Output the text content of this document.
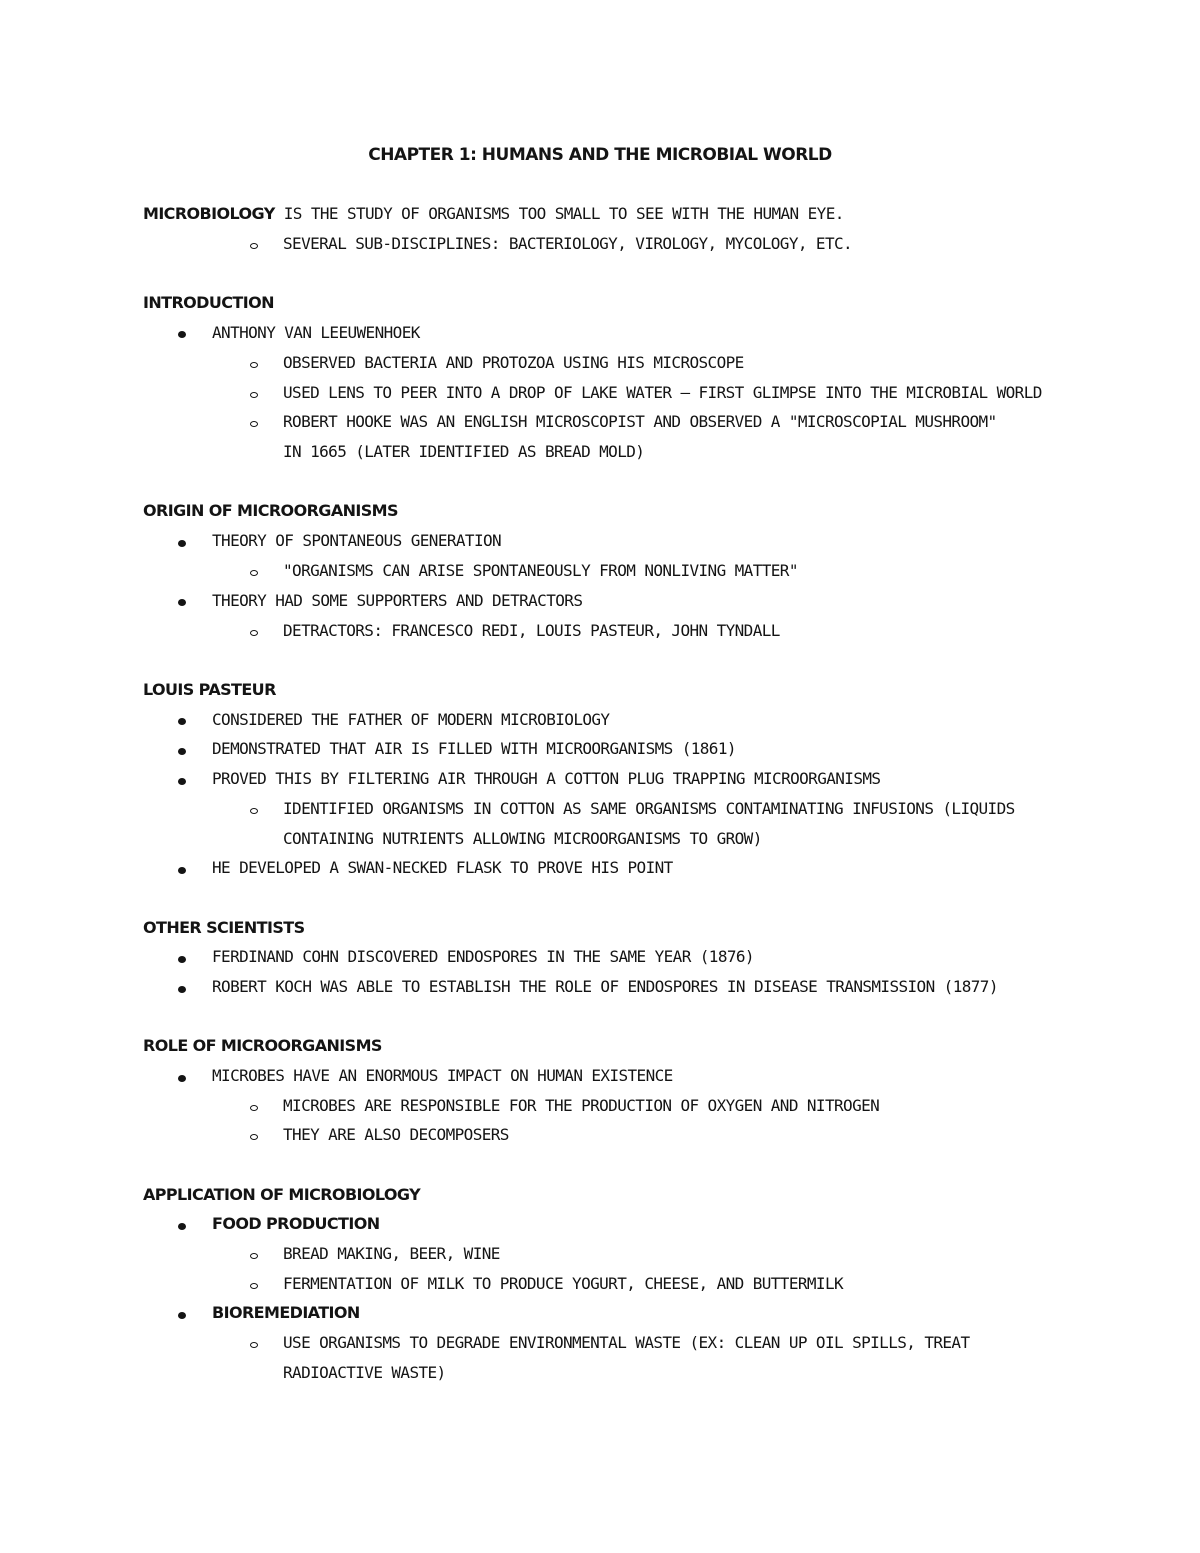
CHAPTER 1: HUMANS AND THE MICROBIAL WORLD
MICROBIOLOGY IS THE STUDY OF ORGANISMS TOO SMALL TO SEE WITH THE HUMAN EYE.
SEVERAL SUB-DISCIPLINES: BACTERIOLOGY, VIROLOGY, MYCOLOGY, ETC.
INTRODUCTION
ANTHONY VAN LEEUWENHOEK
OBSERVED BACTERIA AND PROTOZOA USING HIS MICROSCOPE
USED LENS TO PEER INTO A DROP OF LAKE WATER – FIRST GLIMPSE INTO THE MICROBIAL WORLD
ROBERT HOOKE WAS AN ENGLISH MICROSCOPIST AND OBSERVED A "MICROSCOPIAL MUSHROOM"
IN 1665 (LATER IDENTIFIED AS BREAD MOLD)
ORIGIN OF MICROORGANISMS
THEORY OF SPONTANEOUS GENERATION
"ORGANISMS CAN ARISE SPONTANEOUSLY FROM NONLIVING MATTER"
THEORY HAD SOME SUPPORTERS AND DETRACTORS
DETRACTORS: FRANCESCO REDI, LOUIS PASTEUR, JOHN TYNDALL
LOUIS PASTEUR
CONSIDERED THE FATHER OF MODERN MICROBIOLOGY
DEMONSTRATED THAT AIR IS FILLED WITH MICROORGANISMS (1861)
PROVED THIS BY FILTERING AIR THROUGH A COTTON PLUG TRAPPING MICROORGANISMS
IDENTIFIED ORGANISMS IN COTTON AS SAME ORGANISMS CONTAMINATING INFUSIONS (LIQUIDS
CONTAINING NUTRIENTS ALLOWING MICROORGANISMS TO GROW)
HE DEVELOPED A SWAN-NECKED FLASK TO PROVE HIS POINT
OTHER SCIENTISTS
FERDINAND COHN DISCOVERED ENDOSPORES IN THE SAME YEAR (1876)
ROBERT KOCH WAS ABLE TO ESTABLISH THE ROLE OF ENDOSPORES IN DISEASE TRANSMISSION (1877)
ROLE OF MICROORGANISMS
MICROBES HAVE AN ENORMOUS IMPACT ON HUMAN EXISTENCE
MICROBES ARE RESPONSIBLE FOR THE PRODUCTION OF OXYGEN AND NITROGEN
THEY ARE ALSO DECOMPOSERS
APPLICATION OF MICROBIOLOGY
FOOD PRODUCTION
BREAD MAKING, BEER, WINE
FERMENTATION OF MILK TO PRODUCE YOGURT, CHEESE, AND BUTTERMILK
BIOREMEDIATION
USE ORGANISMS TO DEGRADE ENVIRONMENTAL WASTE (EX: CLEAN UP OIL SPILLS, TREAT
RADIOACTIVE WASTE)
